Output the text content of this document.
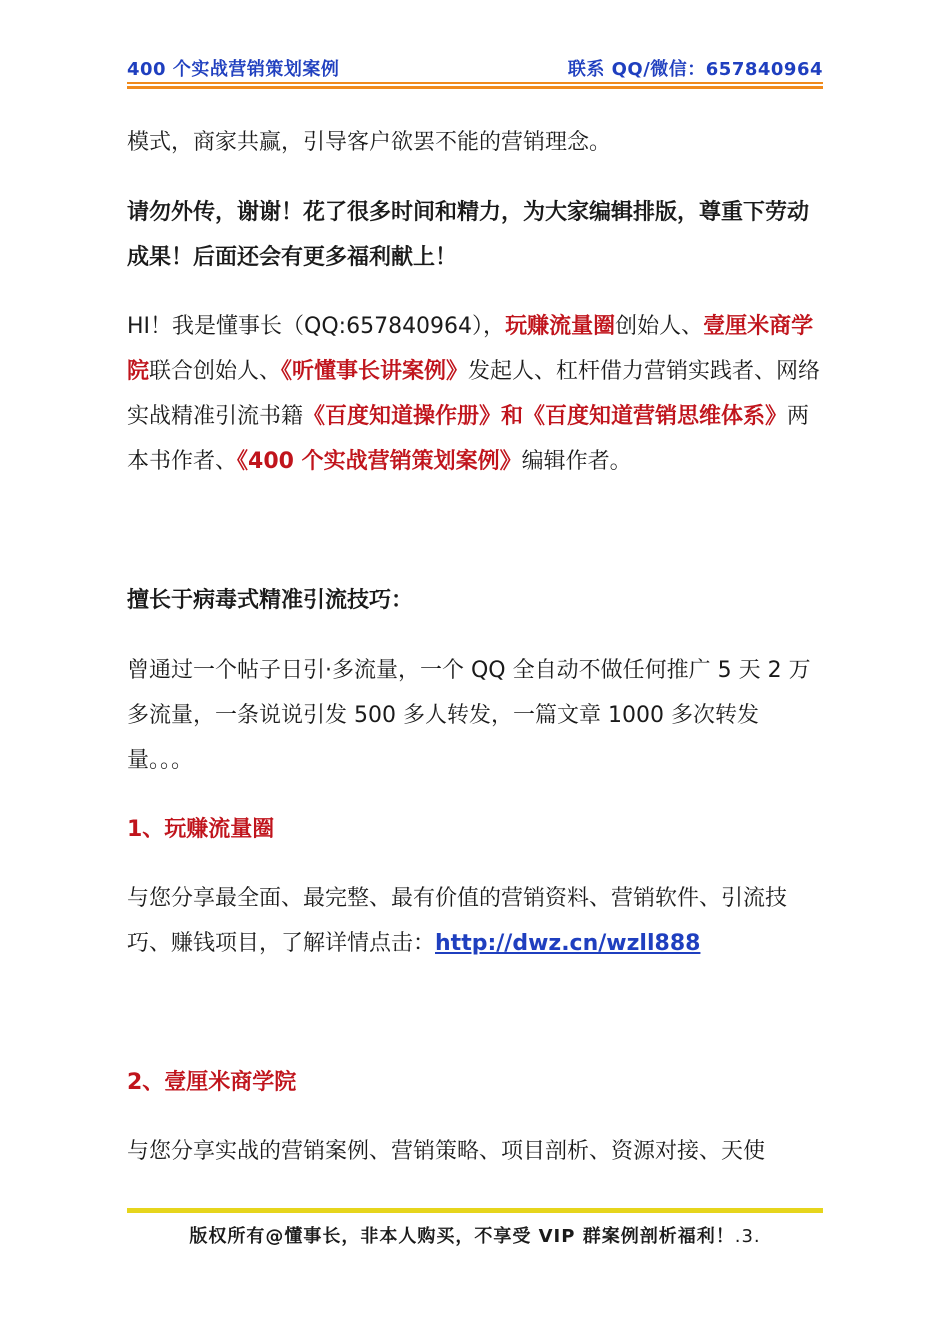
400 个实战营销策划案例	联系 QQ/微信：657840964

模式，商家共赢，引导客户欲罢不能的营销理念。

请勿外传，谢谢！花了很多时间和精力，为大家编辑排版，尊重下劳动成果！后面还会有更多福利献上！

HI！我是懂事长（QQ:657840964），玩赚流量圈创始人、壹厘米商学院联合创始人、《听懂事长讲案例》发起人、杠杆借力营销实践者、网络实战精准引流书籍《百度知道操作册》和《百度知道营销思维体系》两本书作者、《400 个实战营销策划案例》编辑作者。

擅长于病毒式精准引流技巧：

曾通过一个帖子日引·多流量，一个 QQ 全自动不做任何推广 5 天 2 万多流量，一条说说引发 500 多人转发，一篇文章 1000 多次转发量。。。

1、玩赚流量圈

与您分享最全面、最完整、最有价值的营销资料、营销软件、引流技巧、赚钱项目，了解详情点击：http://dwz.cn/wzll888

2、壹厘米商学院

与您分享实战的营销案例、营销策略、项目剖析、资源对接、天使

版权所有@懂事长，非本人购买，不享受 VIP 群案例剖析福利！.3.
